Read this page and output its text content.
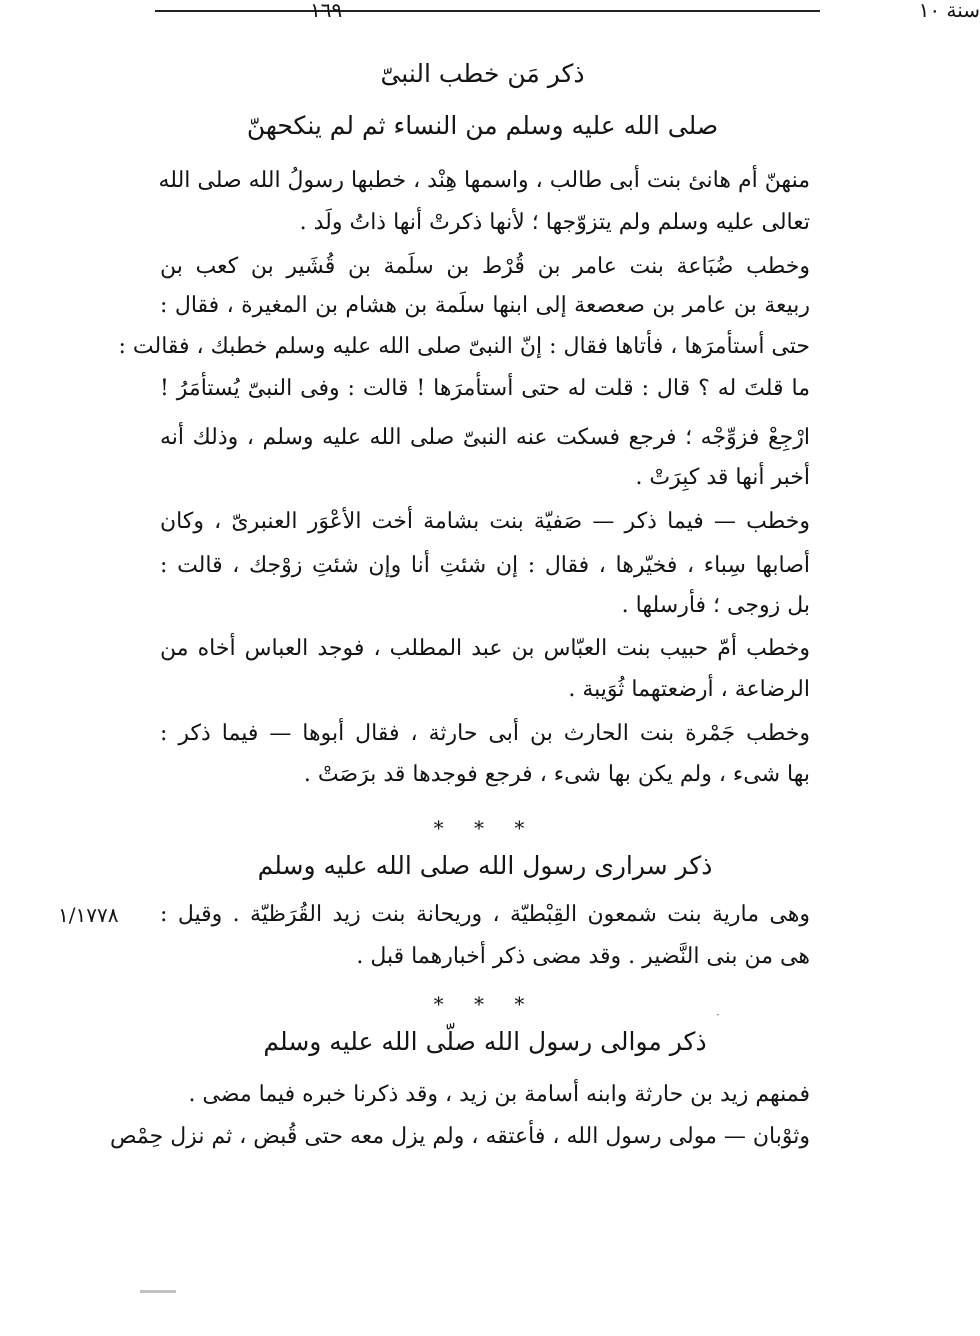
١٦٩	سنة ١٠
ذكر مَن خطب النبىّ
صلى الله عليه وسلم من النساء ثم لم ينكحهنّ
منهنّ أم هانئ بنت أبى طالب ، واسمها هِنْد ، خطبها رسولُ الله صلى الله
تعالى عليه وسلم ولم يتزوّجها ؛ لأنها ذكرتْ أنها ذاتُ ولَد .
وخطب ضُبَاعة بنت عامر بن قُرْط بن سلَمة بن قُشَير بن كعب بن
ربيعة بن عامر بن صعصعة إلى ابنها سلَمة بن هشام بن المغيرة ، فقال :
حتى أستأمرَها ، فأتاها فقال : إنّ النبىّ صلى الله عليه وسلم خطبك ، فقالت :
ما قلتَ له ؟ قال : قلت له حتى أستأمرَها ! قالت : وفى النبىّ يُستأمَرُ !
ارْجِعْ فزوِّجْه ؛ فرجع فسكت عنه النبىّ صلى الله عليه وسلم ، وذلك أنه
أخبر أنها قد كبِرَتْ .
وخطب — فيما ذكر — صَفيّة بنت بشامة أخت الأعْوَر العنبرىّ ، وكان
أصابها سِباء ، فخيّرها ، فقال : إن شئتِ أنا وإن شئتِ زوْجك ، قالت :
بل زوجى ؛ فأرسلها .
وخطب أمّ حبيب بنت العبّاس بن عبد المطلب ، فوجد العباس أخاه من
الرضاعة ، أرضعتهما ثُوَيبة .
وخطب جَمْرة بنت الحارث بن أبى حارثة ، فقال أبوها — فيما ذكر :
بها شىء ، ولم يكن بها شىء ، فرجع فوجدها قد برَصَتْ .
* * *
ذكر سرارى رسول الله صلى الله عليه وسلم
١/١٧٧٨	وهى مارية بنت شمعون القِبْطيّة ، وريحانة بنت زيد القُرَظيّة . وقيل :
هى من بنى النَّضير . وقد مضى ذكر أخبارهما قبل .
* * *	·
ذكر موالى رسول الله صلّى الله عليه وسلم
فمنهم زيد بن حارثة وابنه أسامة بن زيد ، وقد ذكرنا خبره فيما مضى .
وثوْبان — مولى رسول الله ، فأعتقه ، ولم يزل معه حتى قُبض ، ثم نزل حِمْص
